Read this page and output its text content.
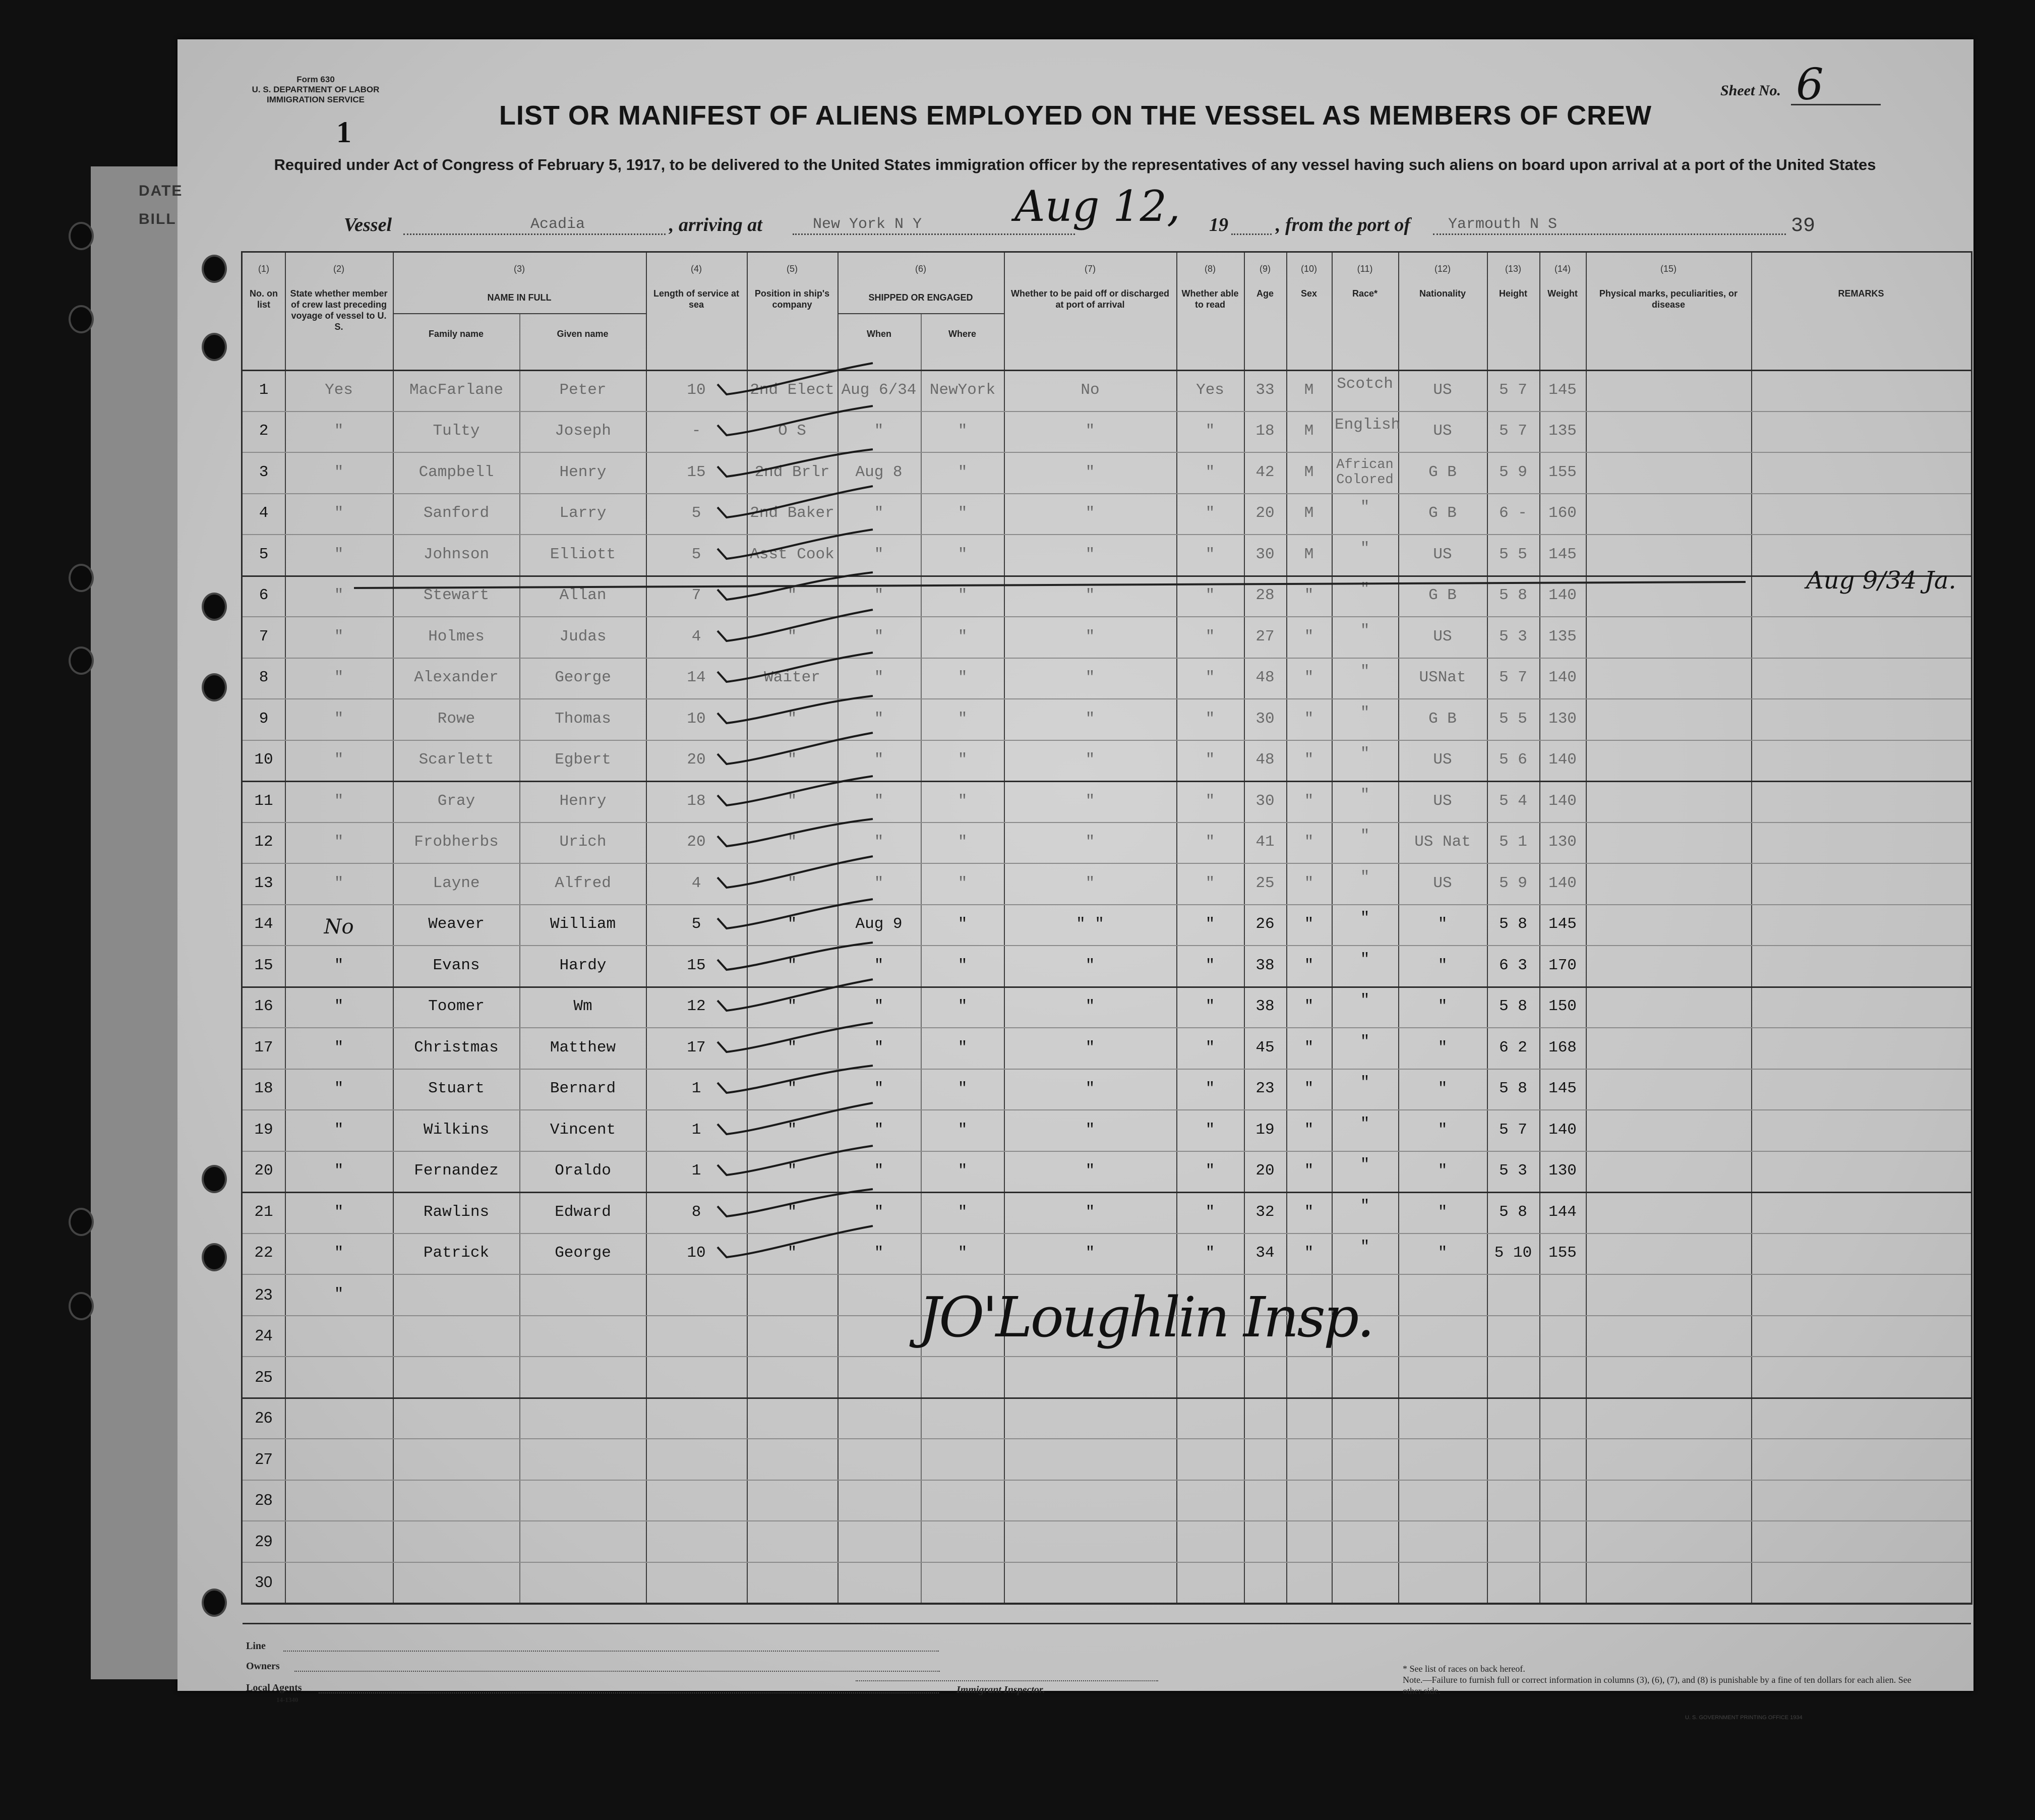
Form 630
U. S. DEPARTMENT OF LABOR
IMMIGRATION SERVICE
1
Sheet No. 6
LIST OR MANIFEST OF ALIENS EMPLOYED ON THE VESSEL AS MEMBERS OF CREW
Required under Act of Congress of February 5, 1917, to be delivered to the United States immigration officer by the representatives of any vessel having such aliens on board upon arrival at a port of the United States
Vessel	Acadia	, arriving at	New York N Y Aug 12, 19 , from the port of Yarmouth N S	39
(1)
No. on list
(2)
State whether member of crew last preceding voyage of vessel to U. S.
(3)
NAME IN FULL
Family name	Given name
(4)
Length of service at sea
(5)
Position in ship's company
(6)
SHIPPED OR ENGAGED
When	Where
(7)
Whether to be paid off or discharged at port of arrival
(8)
Whether able to read
(9)
Age
(10)
Sex
(11)
Race*
(12)
Nationality
(13)
Height
(14)
Weight
(15)
Physical marks, peculiarities, or disease
REMARKS
1	Yes	MacFarlane	Peter	10	2nd Elect Aug 6/34 NewYork	No	Yes	33	M	Scotch	US	5 7	145
2	"	Tulty	Joseph	-	O S	"	"	"	"	18	M	English	US	5 7	135
3	"	Campbell	Henry	15	2nd Brlr	Aug 8	"	"	"	42	M	African Colored	G B	5 9	155
4	"	Sanford	Larry	5	2nd Baker	"	"	"	"	20	M	"	G B	6 -	160
5	"	Johnson	Elliott	5	Asst Cook	"	"	"	"	30	M	"	US	5 5	145
6	"	Stewart	Allan	7	"	"	"	"	"	28	"	"	G B	5 8	140
7	"	Holmes	Judas	4	"	"	"	"	"	27	"	"	US	5 3	135
8	"	Alexander	George	14	Waiter	"	"	"	"	48	"	"	USNat	5 7	140
9	"	Rowe	Thomas	10	"	"	"	"	"	30	"	"	G B	5 5	130
10	"	Scarlett	Egbert	20	"	"	"	"	"	48	"	"	US	5 6	140
11	"	Gray	Henry	18	"	"	"	"	"	30	"	"	US	5 4	140
12	"	Frobherbs	Urich	20	"	"	"	"	"	41	"	"	US Nat	5 1	130
13	"	Layne	Alfred	4	"	"	"	"	"	25	"	"	US	5 9	140
14	No	Weaver	William	5	"	Aug 9	"	" "	"	26	"	"	"	5 8	145
15	"	Evans	Hardy	15	"	"	"	"	"	38	"	"	"	6 3	170
16	"	Toomer	Wm	12	"	"	"	"	"	38	"	"	"	5 8	150
17	"	Christmas	Matthew	17	"	"	"	"	"	45	"	"	"	6 2	168
18	"	Stuart	Bernard	1	"	"	"	"	"	23	"	"	"	5 8	145
19	"	Wilkins	Vincent	1	"	"	"	"	"	19	"	"	"	5 7	140
20	"	Fernandez	Oraldo	1	"	"	"	"	"	20	"	"	"	5 3	130
21	"	Rawlins	Edward	8	"	"	"	"	"	32	"	"	"	5 8	144
22	"	Patrick	George	10	"	"	"	"	"	34	"	"	"	5 10	155
23	"
24
25
26
27
28
29
30
Aug 9/34 Ja.
JO'Loughlin Insp.
Line
Owners
Local Agents
14-1340
Immigrant Inspector.
* See list of races on back hereof.
Note.—Failure to furnish full or correct information in columns (3), (6), (7), and (8) is punishable by a fine of ten dollars for each alien. See other side.
U. S. GOVERNMENT PRINTING OFFICE 1934
DATE
BILL
